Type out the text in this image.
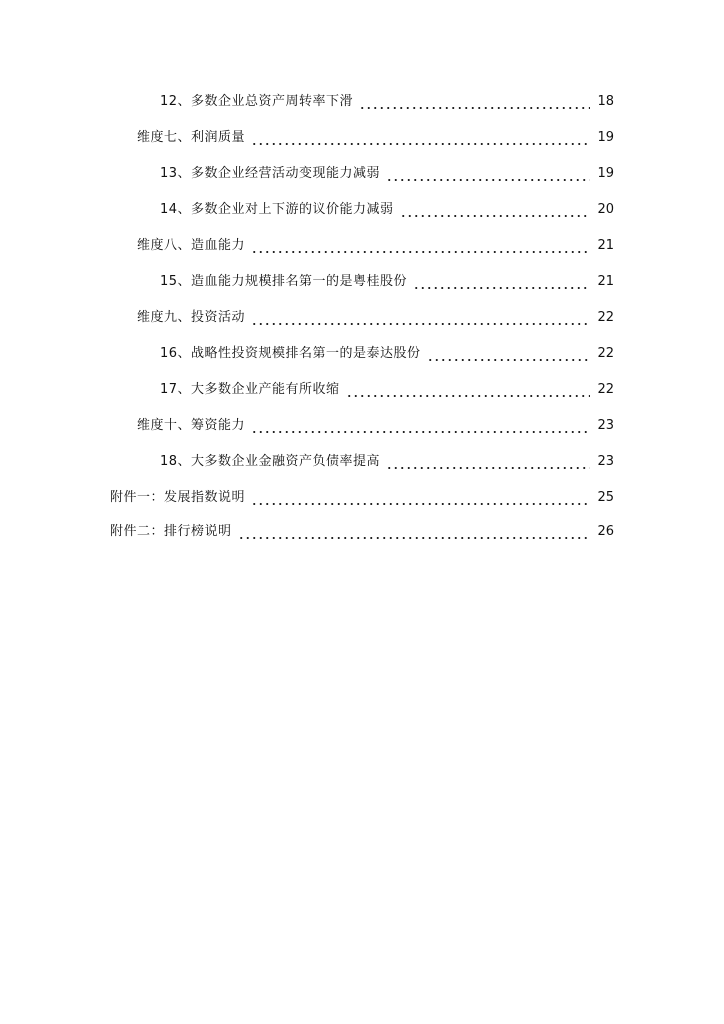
12、多数企业总资产周转率下滑	18
维度七、利润质量	19
13、多数企业经营活动变现能力减弱	19
14、多数企业对上下游的议价能力减弱	20
维度八、造血能力	21
15、造血能力规模排名第一的是粤桂股份	21
维度九、投资活动	22
16、战略性投资规模排名第一的是泰达股份	22
17、大多数企业产能有所收缩	22
维度十、筹资能力	23
18、大多数企业金融资产负债率提高	23
附件一：发展指数说明	25
附件二：排行榜说明	26
